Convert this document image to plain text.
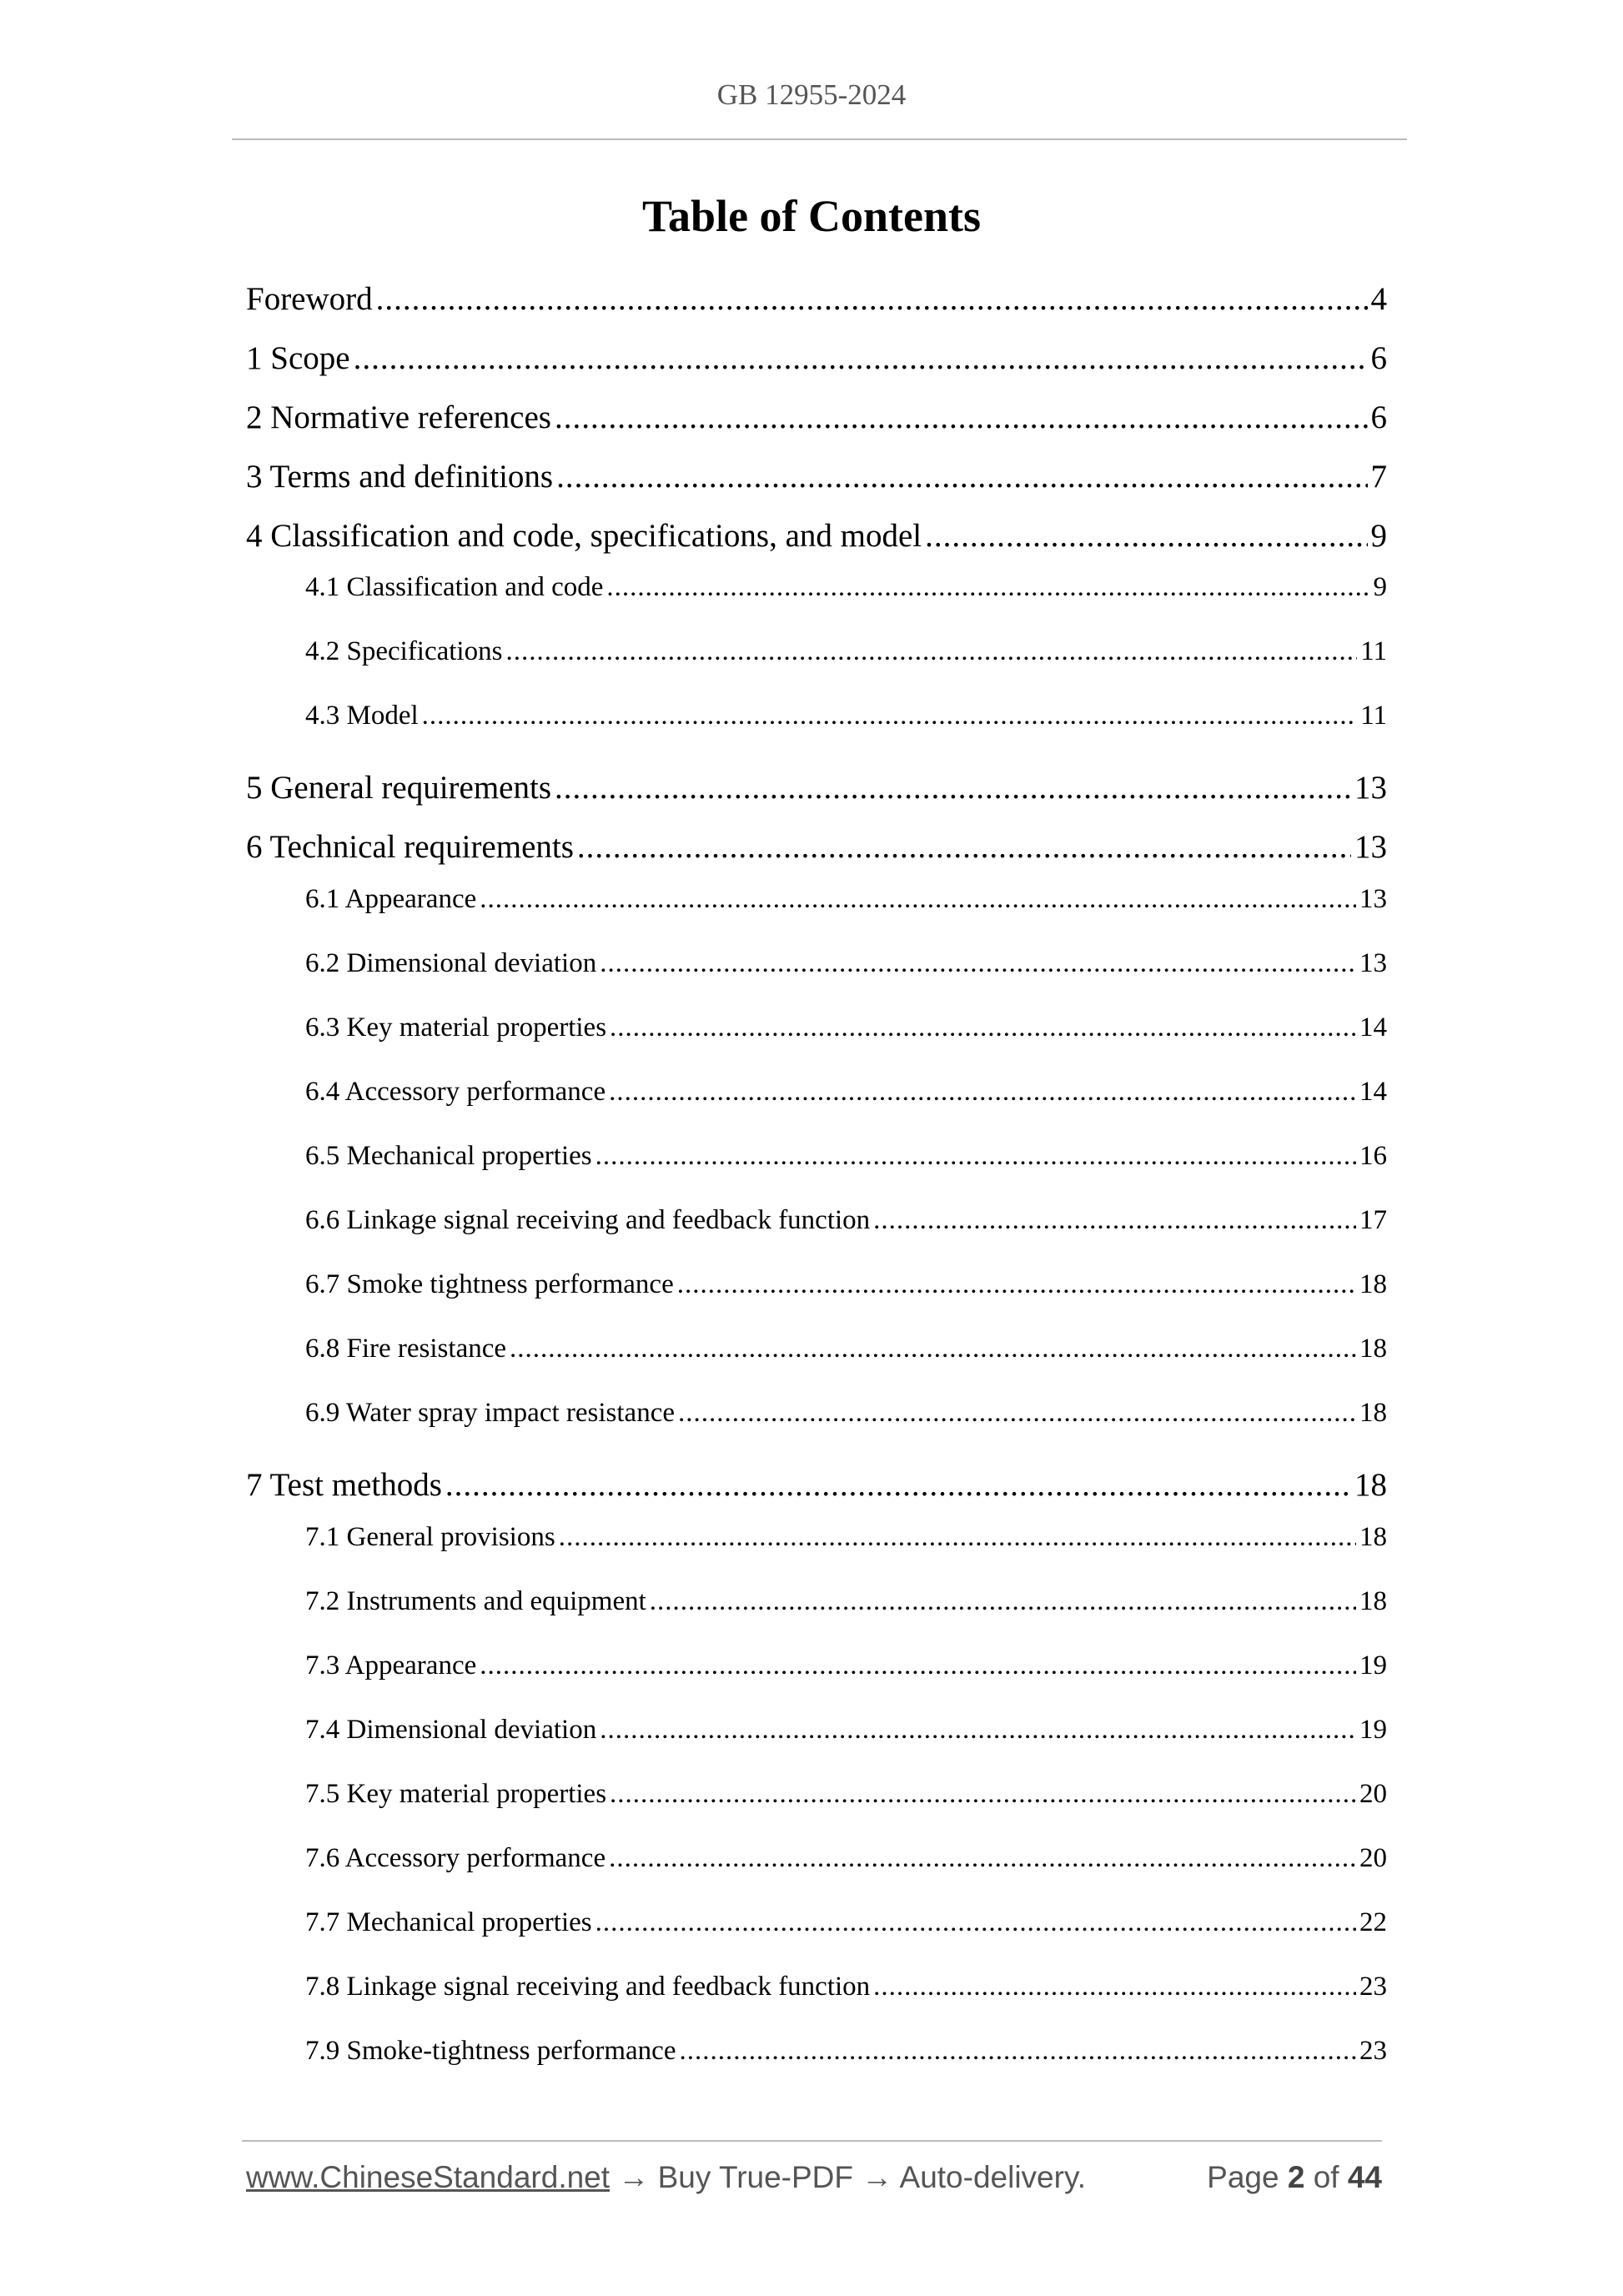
GB 12955-2024
Table of Contents
Foreword .....	4
1 Scope .....	6
2 Normative references .....	6
3 Terms and definitions .....	7
4 Classification and code, specifications, and model .....	9
4.1 Classification and code .....	9
4.2 Specifications .....	11
4.3 Model .....	11
5 General requirements .....	13
6 Technical requirements .....	13
6.1 Appearance .....	13
6.2 Dimensional deviation .....	13
6.3 Key material properties .....	14
6.4 Accessory performance .....	14
6.5 Mechanical properties .....	16
6.6 Linkage signal receiving and feedback function .....	17
6.7 Smoke tightness performance .....	18
6.8 Fire resistance .....	18
6.9 Water spray impact resistance .....	18
7 Test methods .....	18
7.1 General provisions .....	18
7.2 Instruments and equipment .....	18
7.3 Appearance .....	19
7.4 Dimensional deviation .....	19
7.5 Key material properties .....	20
7.6 Accessory performance .....	20
7.7 Mechanical properties .....	22
7.8 Linkage signal receiving and feedback function .....	23
7.9 Smoke-tightness performance .....	23
www.ChineseStandard.net → Buy True-PDF → Auto-delivery.	Page 2 of 44
